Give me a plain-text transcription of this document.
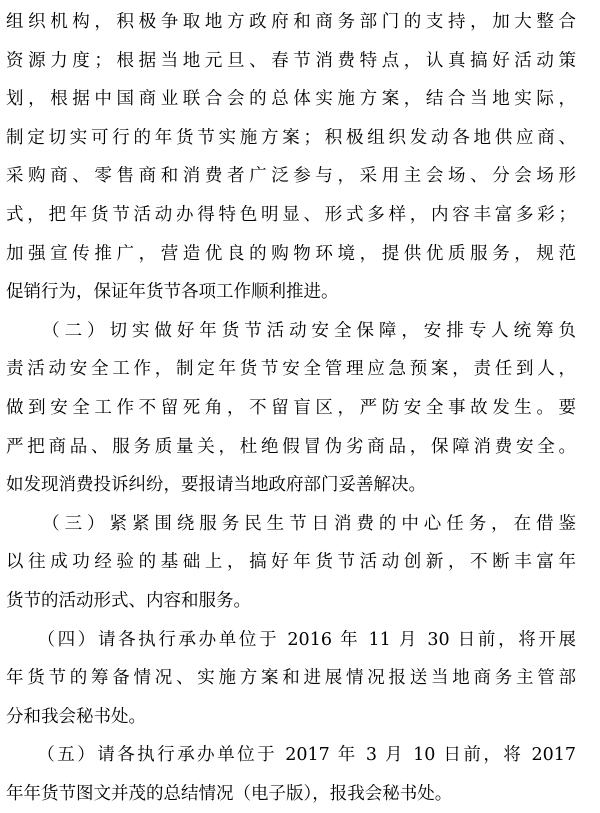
组织机构，积极争取地方政府和商务部门的支持，加大整合
资源力度；根据当地元旦、春节消费特点，认真搞好活动策
划，根据中国商业联合会的总体实施方案，结合当地实际，
制定切实可行的年货节实施方案；积极组织发动各地供应商、
采购商、零售商和消费者广泛参与，采用主会场、分会场形
式，把年货节活动办得特色明显、形式多样，内容丰富多彩；
加强宣传推广，营造优良的购物环境，提供优质服务，规范
促销行为，保证年货节各项工作顺利推进。
　　（二）切实做好年货节活动安全保障，安排专人统筹负
责活动安全工作，制定年货节安全管理应急预案，责任到人，
做到安全工作不留死角，不留盲区，严防安全事故发生。要
严把商品、服务质量关，杜绝假冒伪劣商品，保障消费安全。
如发现消费投诉纠纷，要报请当地政府部门妥善解决。
　　（三）紧紧围绕服务民生节日消费的中心任务，在借鉴
以往成功经验的基础上，搞好年货节活动创新，不断丰富年
货节的活动形式、内容和服务。
　　（四）请各执行承办单位于 2016 年 11 月 30 日前，将开展
年货节的筹备情况、实施方案和进展情况报送当地商务主管部
分和我会秘书处。
　　（五）请各执行承办单位于 2017 年 3 月 10 日前，将 2017
年年货节图文并茂的总结情况（电子版），报我会秘书处。
